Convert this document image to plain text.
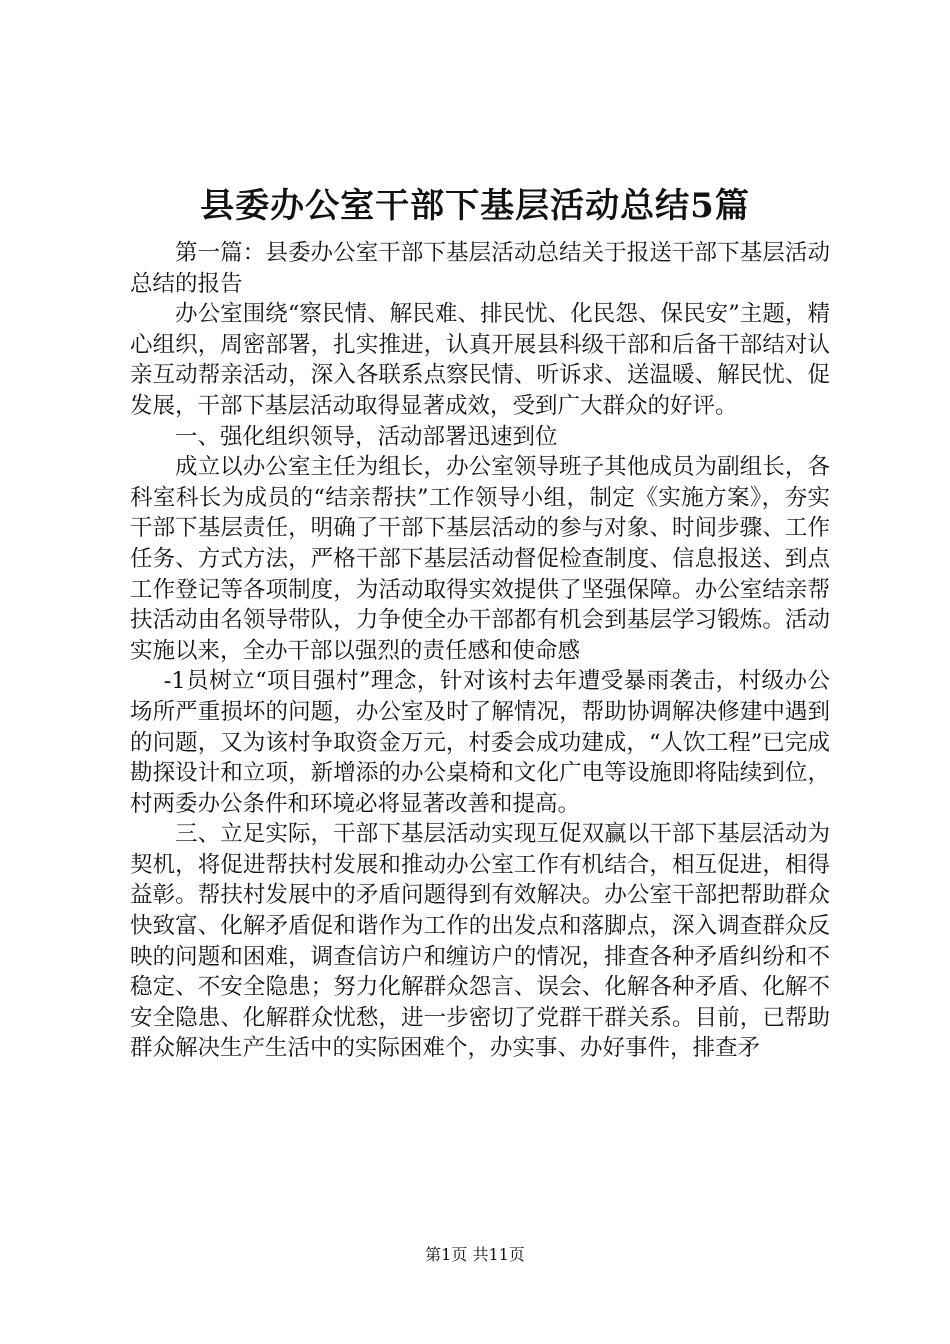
县委办公室干部下基层活动总结5篇

第一篇：县委办公室干部下基层活动总结关于报送干部下基层活动总结的报告

办公室围绕“察民情、解民难、排民忧、化民怨、保民安”主题，精心组织，周密部署，扎实推进，认真开展县科级干部和后备干部结对认亲互动帮亲活动，深入各联系点察民情、听诉求、送温暖、解民忧、促发展，干部下基层活动取得显著成效，受到广大群众的好评。

一、强化组织领导，活动部署迅速到位

成立以办公室主任为组长，办公室领导班子其他成员为副组长，各科室科长为成员的“结亲帮扶”工作领导小组，制定《实施方案》，夯实干部下基层责任，明确了干部下基层活动的参与对象、时间步骤、工作任务、方式方法，严格干部下基层活动督促检查制度、信息报送、到点工作登记等各项制度，为活动取得实效提供了坚强保障。办公室结亲帮扶活动由名领导带队，力争使全办干部都有机会到基层学习锻炼。活动实施以来，全办干部以强烈的责任感和使命感

-1员树立“项目强村”理念，针对该村去年遭受暴雨袭击，村级办公场所严重损坏的问题，办公室及时了解情况，帮助协调解决修建中遇到的问题，又为该村争取资金万元，村委会成功建成，“人饮工程”已完成勘探设计和立项，新增添的办公桌椅和文化广电等设施即将陆续到位，村两委办公条件和环境必将显著改善和提高。

三、立足实际，干部下基层活动实现互促双赢以干部下基层活动为契机，将促进帮扶村发展和推动办公室工作有机结合，相互促进，相得益彰。帮扶村发展中的矛盾问题得到有效解决。办公室干部把帮助群众快致富、化解矛盾促和谐作为工作的出发点和落脚点，深入调查群众反映的问题和困难，调查信访户和缠访户的情况，排查各种矛盾纠纷和不稳定、不安全隐患；努力化解群众怨言、误会、化解各种矛盾、化解不安全隐患、化解群众忧愁，进一步密切了党群干群关系。目前，已帮助群众解决生产生活中的实际困难个，办实事、办好事件，排查矛

第1页 共11页
